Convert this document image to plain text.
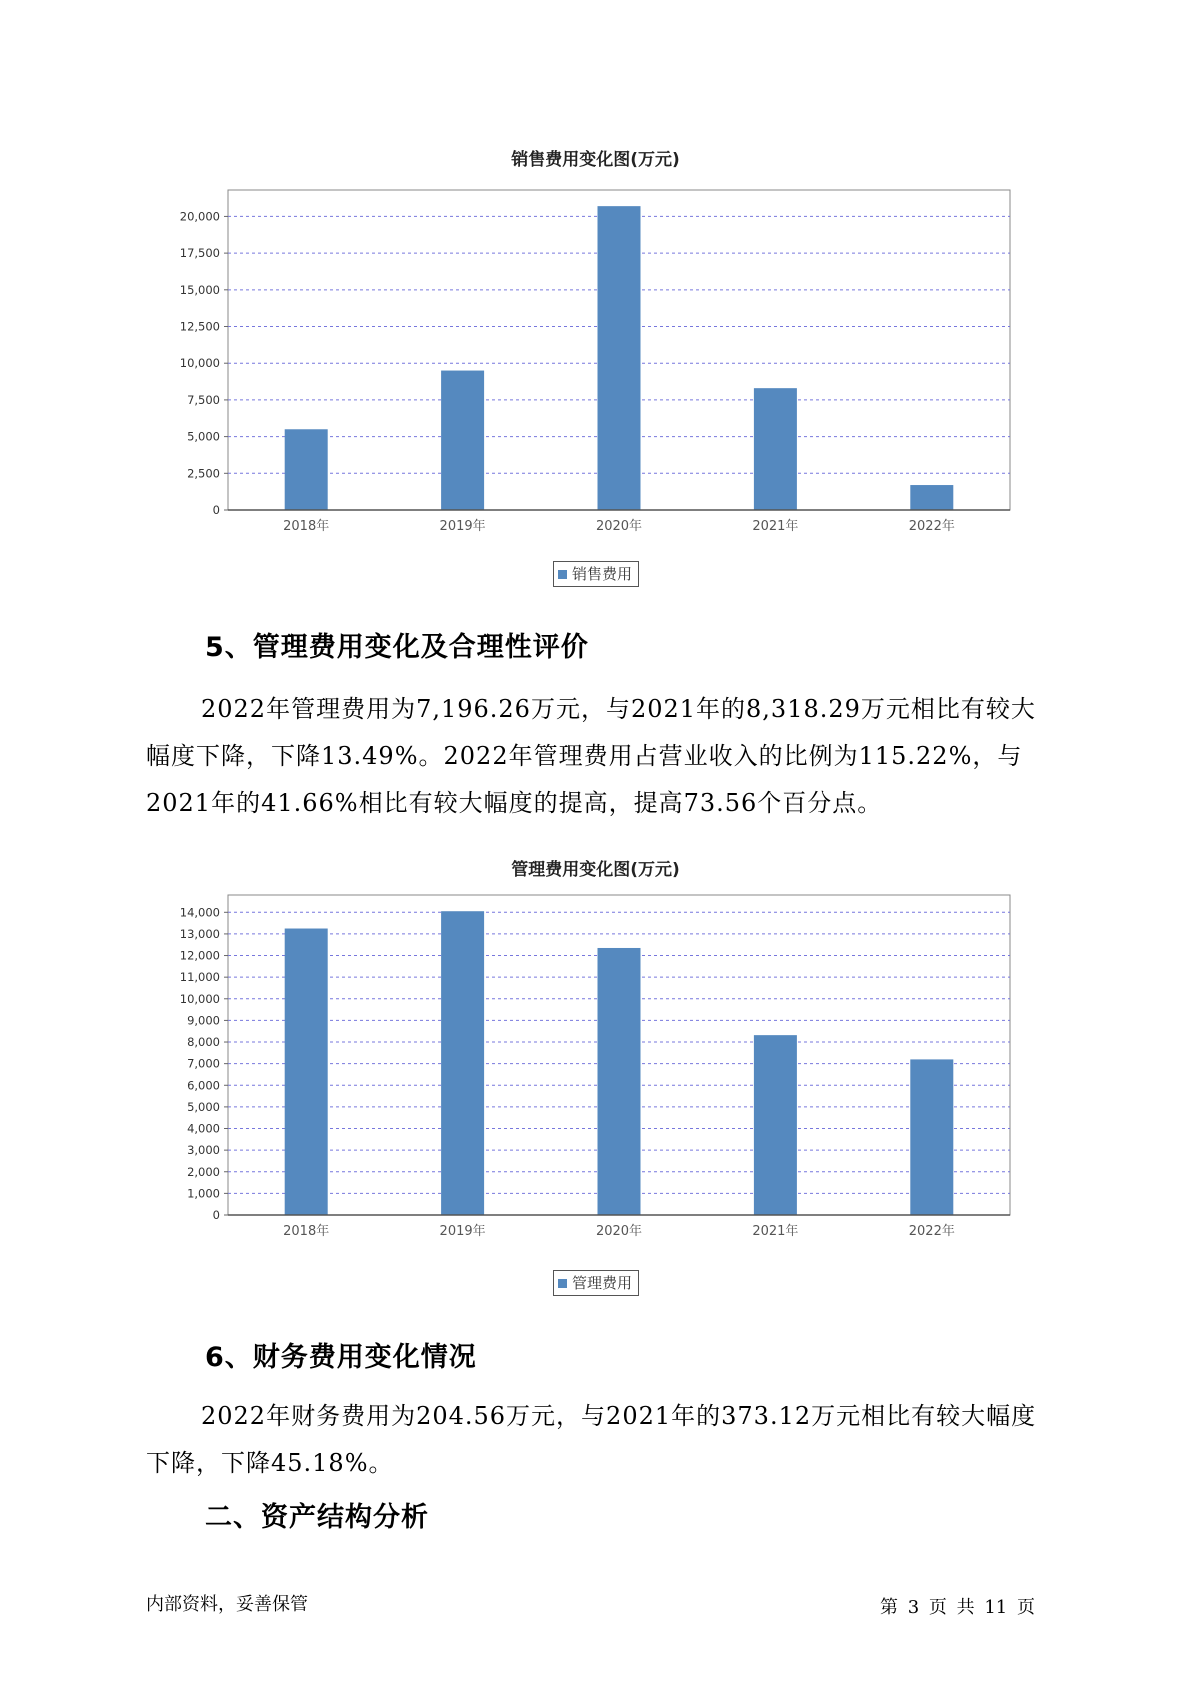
销售费用变化图(万元)
0
2,500
5,000
7,500
10,000
12,500
15,000
17,500
20,000
2018年	2019年	2020年	2021年	2022年
销售费用
5、管理费用变化及合理性评价

2022年管理费用为7,196.26万元，与2021年的8,318.29万元相比有较大幅度下降，下降13.49%。2022年管理费用占营业收入的比例为115.22%，与2021年的41.66%相比有较大幅度的提高，提高73.56个百分点。

管理费用变化图(万元)
0
1,000
2,000
3,000
4,000
5,000
6,000
7,000
8,000
9,000
10,000
11,000
12,000
13,000
14,000
2018年	2019年	2020年	2021年	2022年
管理费用
6、财务费用变化情况

2022年财务费用为204.56万元，与2021年的373.12万元相比有较大幅度下降，下降45.18%。

二、资产结构分析
内部资料，妥善保管	第 3 页 共 11 页
